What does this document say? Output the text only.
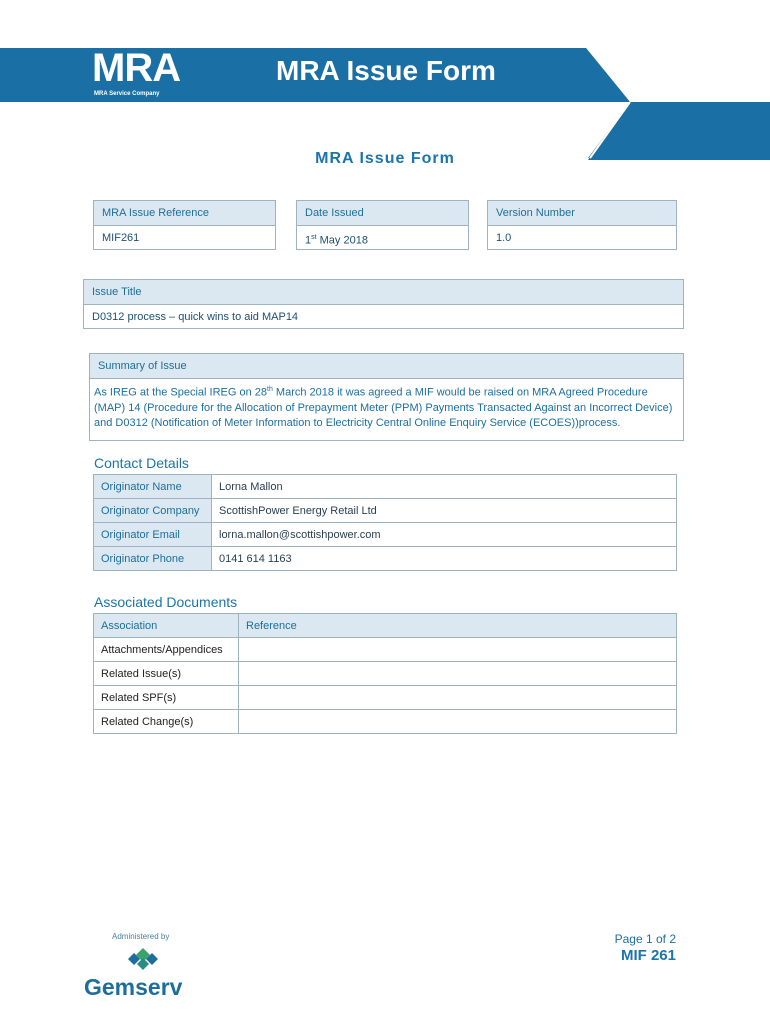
MRA
MRA Service Company
MRA Issue Form
MRA Issue Form
MRA Issue Reference
MIF261
Date Issued
1st May 2018
Version Number
1.0
Issue Title
D0312 process – quick wins to aid MAP14
Summary of Issue
As IREG at the Special IREG on 28th March 2018 it was agreed a MIF would be raised on MRA Agreed Procedure (MAP) 14 (Procedure for the Allocation of Prepayment Meter (PPM) Payments Transacted Against an Incorrect Device) and D0312 (Notification of Meter Information to Electricity Central Online Enquiry Service (ECOES))process.
Contact Details
Originator Name	Lorna Mallon
Originator Company	ScottishPower Energy Retail Ltd
Originator Email	lorna.mallon@scottishpower.com
Originator Phone	0141 614 1163
Associated Documents
Association	Reference
Attachments/Appendices	
Related Issue(s)	
Related SPF(s)	
Related Change(s)	
Administered by
Gemserv
Page 1 of 2
MIF 261
